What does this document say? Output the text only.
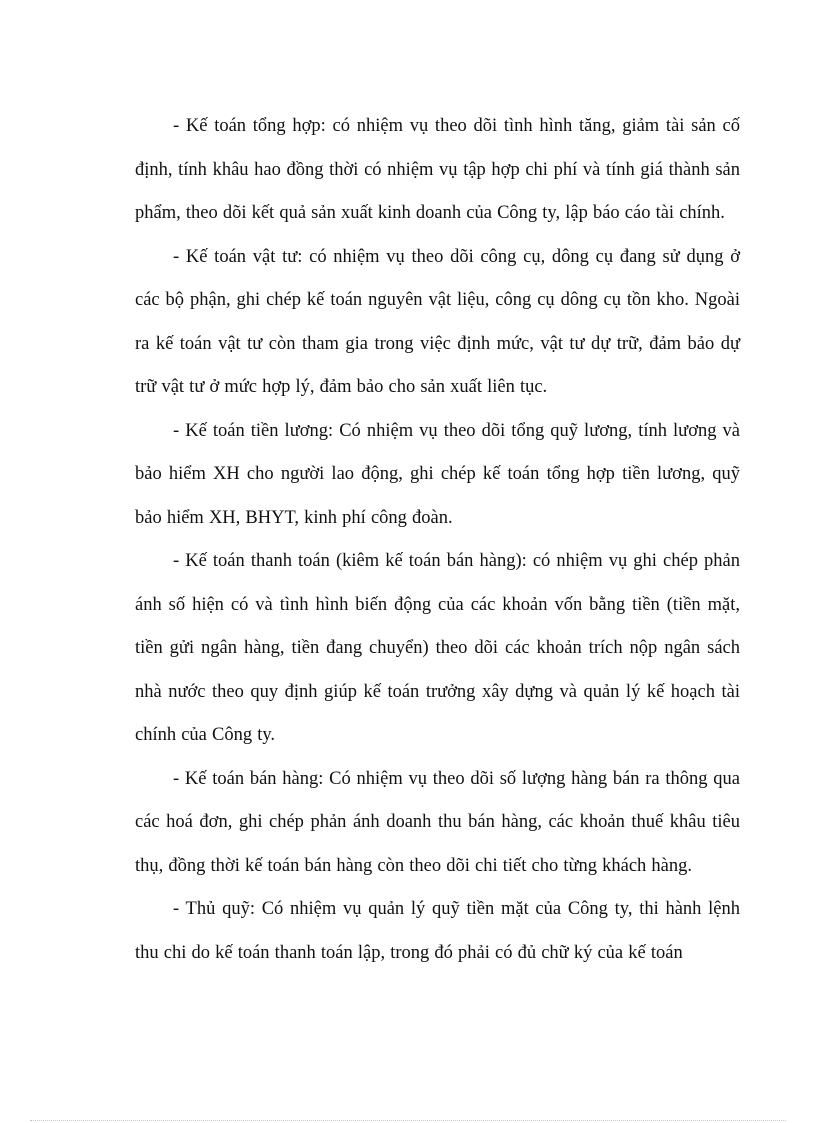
- Kế toán tổng hợp: có nhiệm vụ theo dõi tình hình tăng, giảm tài sản cố định, tính khâu hao đồng thời có nhiệm vụ tập hợp chi phí và tính giá thành sản phẩm, theo dõi kết quả sản xuất kinh doanh của Công ty, lập báo cáo tài chính.

- Kế toán vật tư: có nhiệm vụ theo dõi công cụ, dông cụ đang sử dụng ở các bộ phận, ghi chép kế toán nguyên vật liệu, công cụ dông cụ tồn kho. Ngoài ra kế toán vật tư còn tham gia trong việc định mức, vật tư dự trữ, đảm bảo dự trữ vật tư ở mức hợp lý, đảm bảo cho sản xuất liên tục.

- Kế toán tiền lương: Có nhiệm vụ theo dõi tổng quỹ lương, tính lương và bảo hiểm XH cho người lao động, ghi chép kế toán tổng hợp tiền lương, quỹ bảo hiểm XH, BHYT, kinh phí công đoàn.

- Kế toán thanh toán (kiêm kế toán bán hàng): có nhiệm vụ ghi chép phản ánh số hiện có và tình hình biến động của các khoản vốn bằng tiền (tiền mặt, tiền gửi ngân hàng, tiền đang chuyển) theo dõi các khoản trích nộp ngân sách nhà nước theo quy định giúp kế toán trưởng xây dựng và quản lý kế hoạch tài chính của Công ty.

- Kế toán bán hàng: Có nhiệm vụ theo dõi số lượng hàng bán ra thông qua các hoá đơn, ghi chép phản ánh doanh thu bán hàng, các khoản thuế khâu tiêu thụ, đồng thời kế toán bán hàng còn theo dõi chi tiết cho từng khách hàng.

- Thủ quỹ: Có nhiệm vụ quản lý quỹ tiền mặt của Công ty, thi hành lệnh thu chi do kế toán thanh toán lập, trong đó phải có đủ chữ ký của kế toán
